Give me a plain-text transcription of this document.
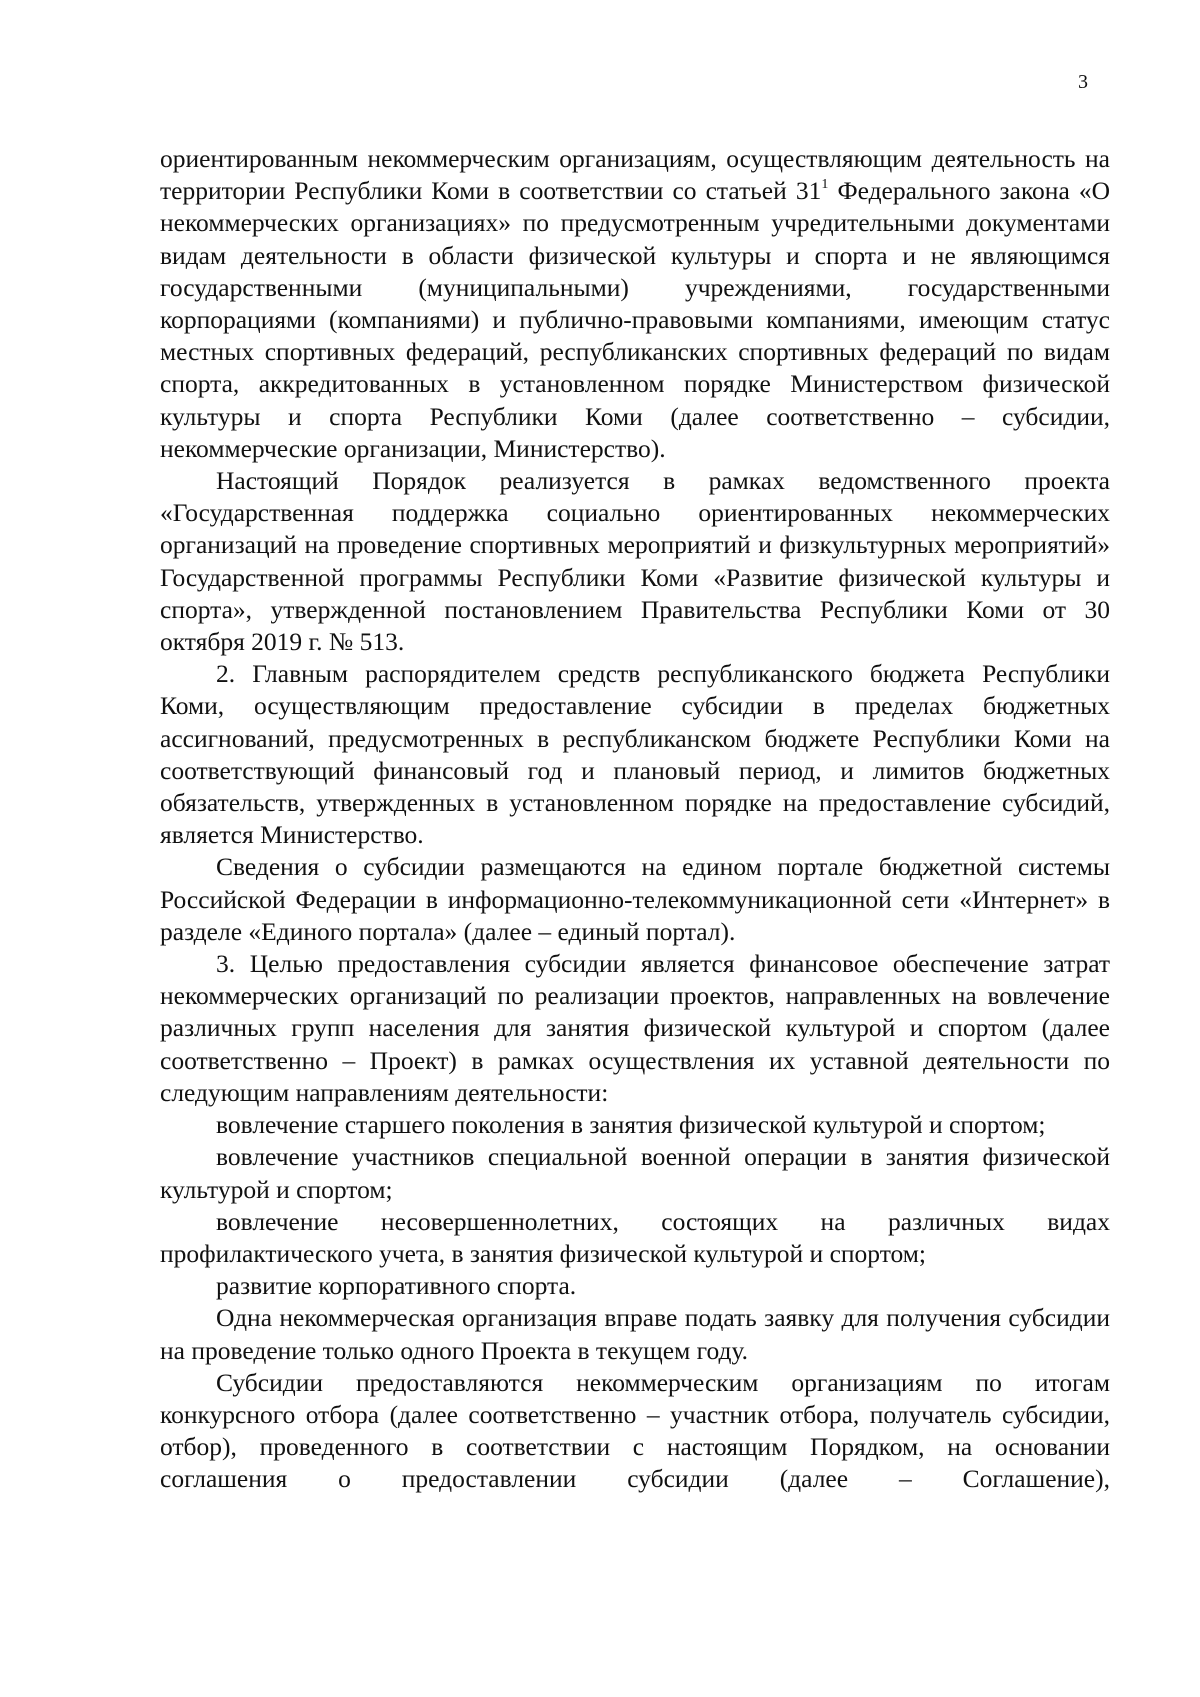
3

ориентированным некоммерческим организациям, осуществляющим деятельность на территории Республики Коми в соответствии со статьей $31^1$ Федерального закона «О некоммерческих организациях» по предусмотренным учредительными документами видам деятельности в области физической культуры и спорта и не являющимся государственными (муниципальными) учреждениями, государственными корпорациями (компаниями) и публично-правовыми компаниями, имеющим статус местных спортивных федераций, республиканских спортивных федераций по видам спорта, аккредитованных в установленном порядке Министерством физической культуры и спорта Республики Коми (далее соответственно – субсидии, некоммерческие организации, Министерство).

Настоящий Порядок реализуется в рамках ведомственного проекта «Государственная поддержка социально ориентированных некоммерческих организаций на проведение спортивных мероприятий и физкультурных мероприятий» Государственной программы Республики Коми «Развитие физической культуры и спорта», утвержденной постановлением Правительства Республики Коми от 30 октября 2019 г. № 513.

2. Главным распорядителем средств республиканского бюджета Республики Коми, осуществляющим предоставление субсидии в пределах бюджетных ассигнований, предусмотренных в республиканском бюджете Республики Коми на соответствующий финансовый год и плановый период, и лимитов бюджетных обязательств, утвержденных в установленном порядке на предоставление субсидий, является Министерство.

Сведения о субсидии размещаются на едином портале бюджетной системы Российской Федерации в информационно-телекоммуникационной сети «Интернет» в разделе «Единого портала» (далее – единый портал).

3. Целью предоставления субсидии является финансовое обеспечение затрат некоммерческих организаций по реализации проектов, направленных на вовлечение различных групп населения для занятия физической культурой и спортом (далее соответственно – Проект) в рамках осуществления их уставной деятельности по следующим направлениям деятельности:

вовлечение старшего поколения в занятия физической культурой и спортом;

вовлечение участников специальной военной операции в занятия физической культурой и спортом;

вовлечение несовершеннолетних, состоящих на различных видах профилактического учета, в занятия физической культурой и спортом;

развитие корпоративного спорта.

Одна некоммерческая организация вправе подать заявку для получения субсидии на проведение только одного Проекта в текущем году.

Субсидии предоставляются некоммерческим организациям по итогам конкурсного отбора (далее соответственно – участник отбора, получатель субсидии, отбор), проведенного в соответствии с настоящим Порядком, на основании соглашения о предоставлении субсидии (далее – Соглашение),
